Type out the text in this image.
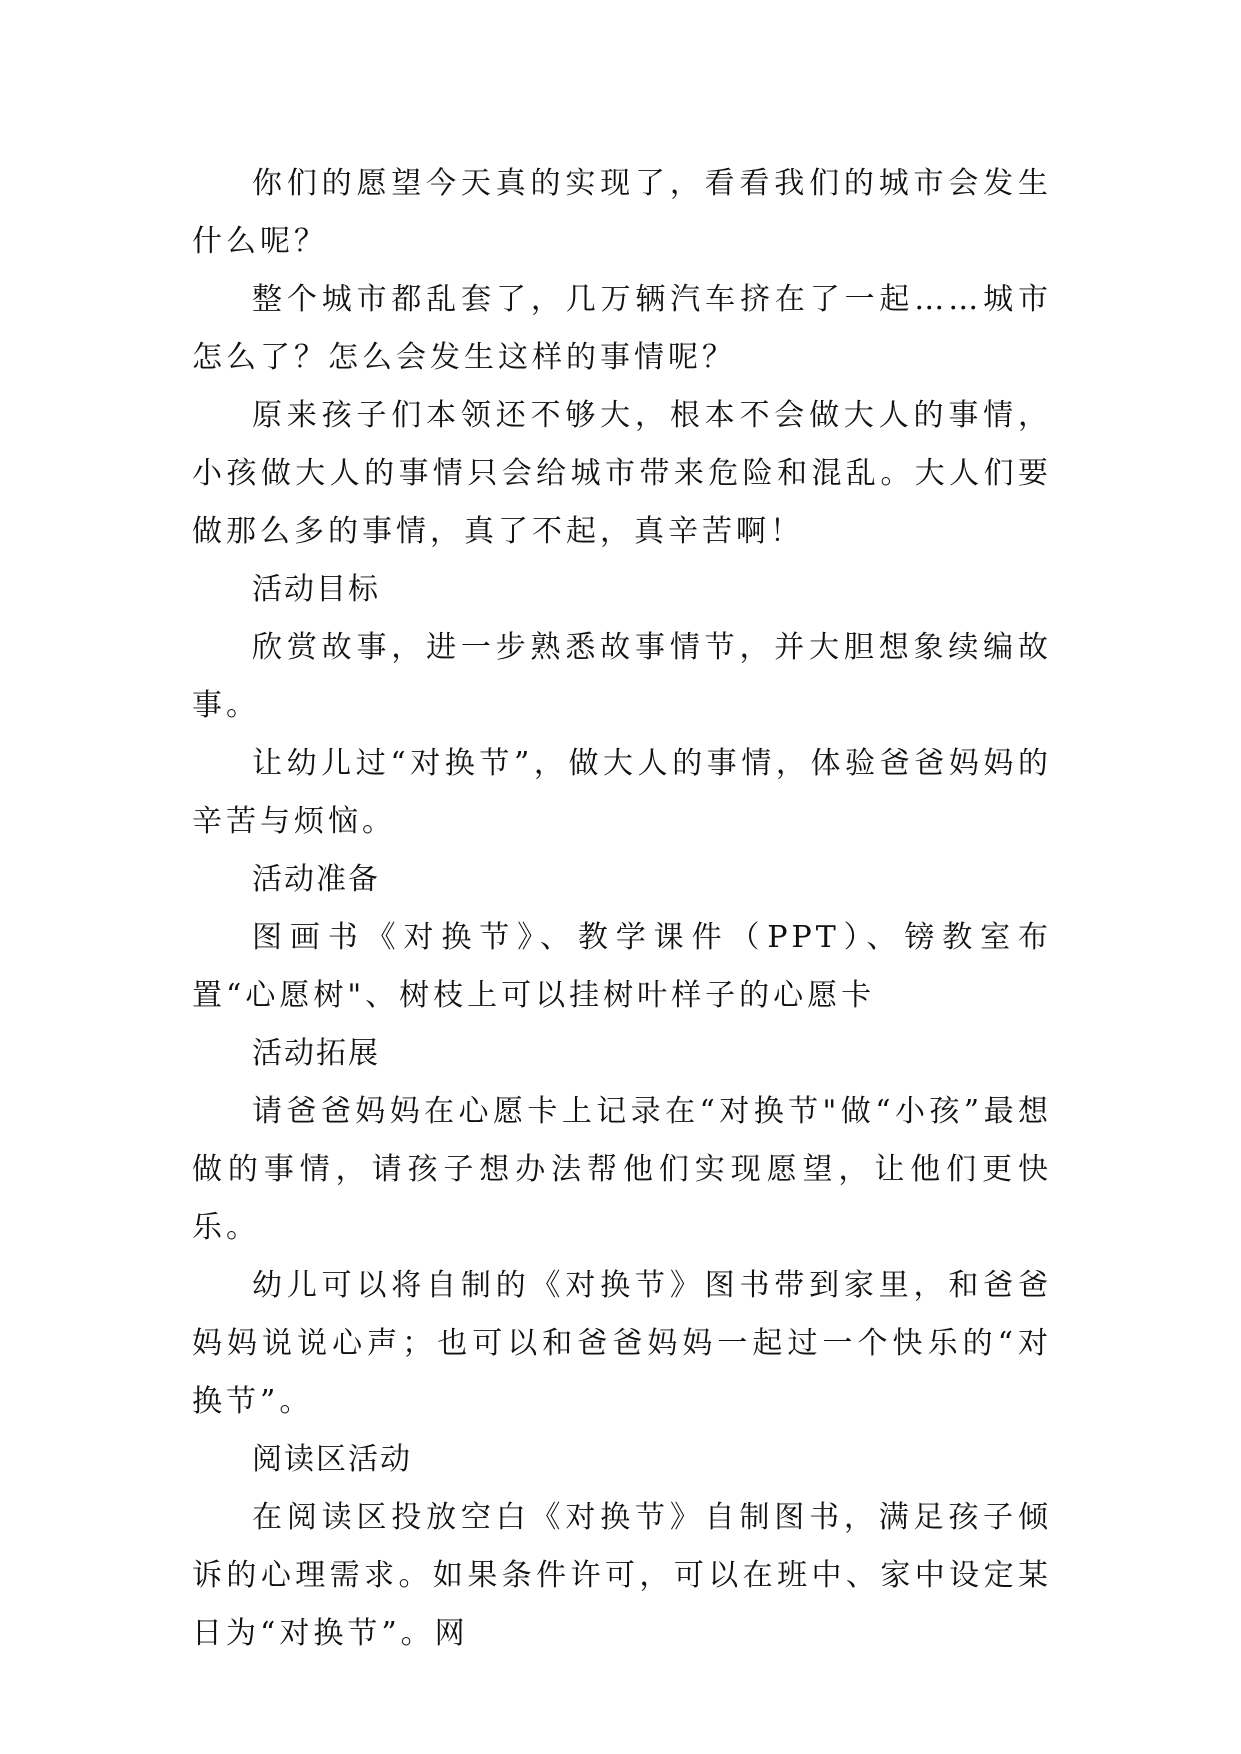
你们的愿望今天真的实现了，看看我们的城市会发生什么呢？

整个城市都乱套了，几万辆汽车挤在了一起……城市怎么了？怎么会发生这样的事情呢？

原来孩子们本领还不够大，根本不会做大人的事情，小孩做大人的事情只会给城市带来危险和混乱。大人们要做那么多的事情，真了不起，真辛苦啊！

活动目标

欣赏故事，进一步熟悉故事情节，并大胆想象续编故事。

让幼儿过“对换节”，做大人的事情，体验爸爸妈妈的辛苦与烦恼。

活动准备

图画书《对换节》、教学课件（PPT）、镑教室布置“心愿树"、树枝上可以挂树叶样子的心愿卡

活动拓展

请爸爸妈妈在心愿卡上记录在“对换节"做“小孩”最想做的事情，请孩子想办法帮他们实现愿望，让他们更快乐。

幼儿可以将自制的《对换节》图书带到家里，和爸爸妈妈说说心声；也可以和爸爸妈妈一起过一个快乐的“对换节”。

阅读区活动

在阅读区投放空白《对换节》自制图书，满足孩子倾诉的心理需求。如果条件许可，可以在班中、家中设定某日为“对换节”。网
